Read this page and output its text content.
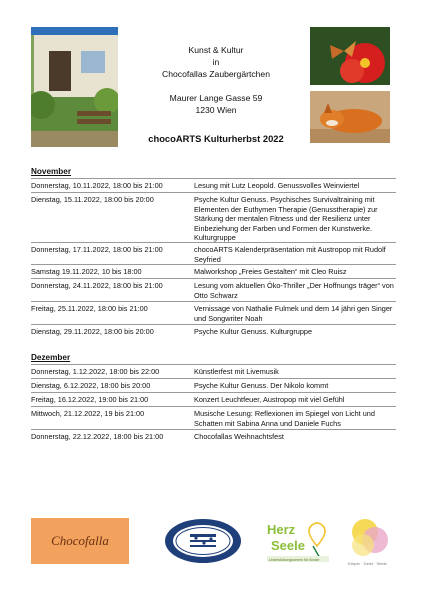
Kunst & Kultur
in
Chocofallas Zaubergärtchen
Maurer Lange Gasse 59
1230 Wien
chocoARTS Kulturherbst 2022
November
Donnerstag, 10.11.2022, 18:00 bis 21:00	Lesung mit Lutz Leopold. Genussvolles Weinviertel
Dienstag, 15.11.2022, 18:00 bis 20:00	Psyche Kultur Genuss. Psychisches Survivaltraining mit Elementen der Euthymen Therapie (Genusstherapie) zur Stärkung der mentalen Fitness und der Resilienz unter Einbeziehung der Farben und Formen der Kunstwerke. Kulturgruppe
Donnerstag, 17.11.2022, 18:00 bis 21:00	chocoARTS Kalenderpräsentation mit Austropop mit Rudolf Seyfried
Samstag 19.11.2022, 10 bis 18:00	Malworkshop „Freies Gestalten“ mit Cleo Ruisz
Donnerstag, 24.11.2022, 18:00 bis 21:00	Lesung vom aktuellen Öko-Thriller „Der Hoffnungs träger“ von Otto Schwarz
Freitag, 25.11.2022, 18:00 bis 21:00	Vernissage von Nathalie Fulmek und dem 14 jähri gen Singer und Songwriter Noah
Dienstag, 29.11.2022, 18:00 bis 20:00	Psyche Kultur Genuss. Kulturgruppe
Dezember
Donnerstag, 1.12.2022, 18:00 bis 22:00	Künstlerfest mit Livemusik
Dienstag, 6.12.2022, 18:00 bis 20:00	Psyche Kultur Genuss. Der Nikolo kommt
Freitag, 16.12.2022, 19:00 bis 21:00	Konzert Leuchtfeuer, Austropop mit viel Gefühl
Mittwoch, 21.12.2022, 19 bis 21:00	Musische Lesung: Reflexionen im Spiegel von Licht und Schatten mit Sabina Anna und Daniele Fuchs
Donnerstag, 22.12.2022, 18:00 bis 21:00	Chocofallas Weihnachtsfest
Chocofalla
Herz
Seele
Unterstützungsverein für Kinder
Körper · Geist · Seele
